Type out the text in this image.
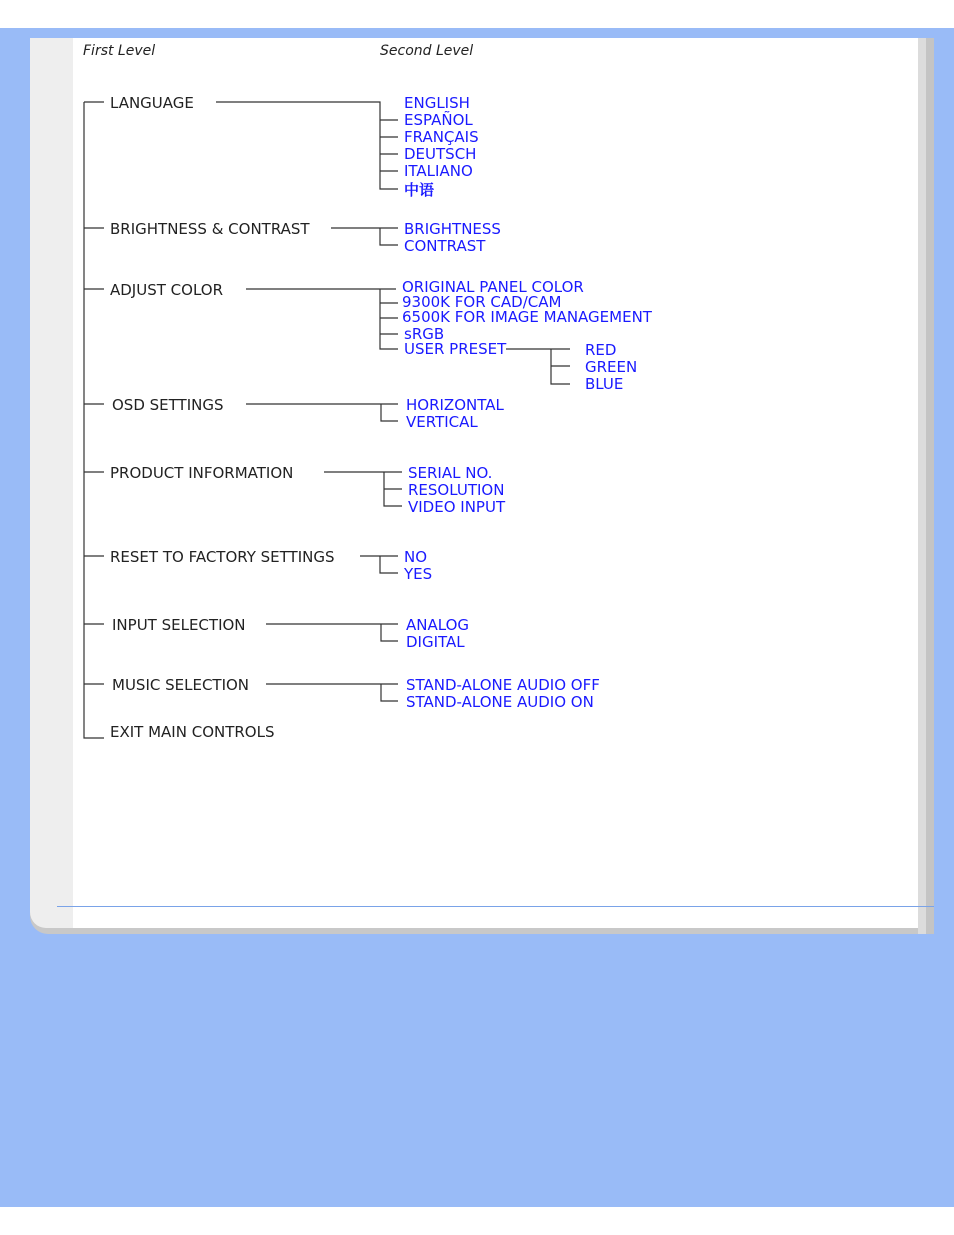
First Level	Second Level
LANGUAGE	ENGLISH
ESPAÑOL
FRANÇAIS
DEUTSCH
ITALIANO
中语
BRIGHTNESS & CONTRAST	BRIGHTNESS
CONTRAST
ADJUST COLOR	ORIGINAL PANEL COLOR
9300K FOR CAD/CAM
6500K FOR IMAGE MANAGEMENT
sRGB
USER PRESET	RED
GREEN
BLUE
OSD SETTINGS	HORIZONTAL
VERTICAL
PRODUCT INFORMATION	SERIAL NO.
RESOLUTION
VIDEO INPUT
RESET TO FACTORY SETTINGS	NO
YES
INPUT SELECTION	ANALOG
DIGITAL
MUSIC SELECTION	STAND-ALONE AUDIO OFF
STAND-ALONE AUDIO ON
EXIT MAIN CONTROLS
